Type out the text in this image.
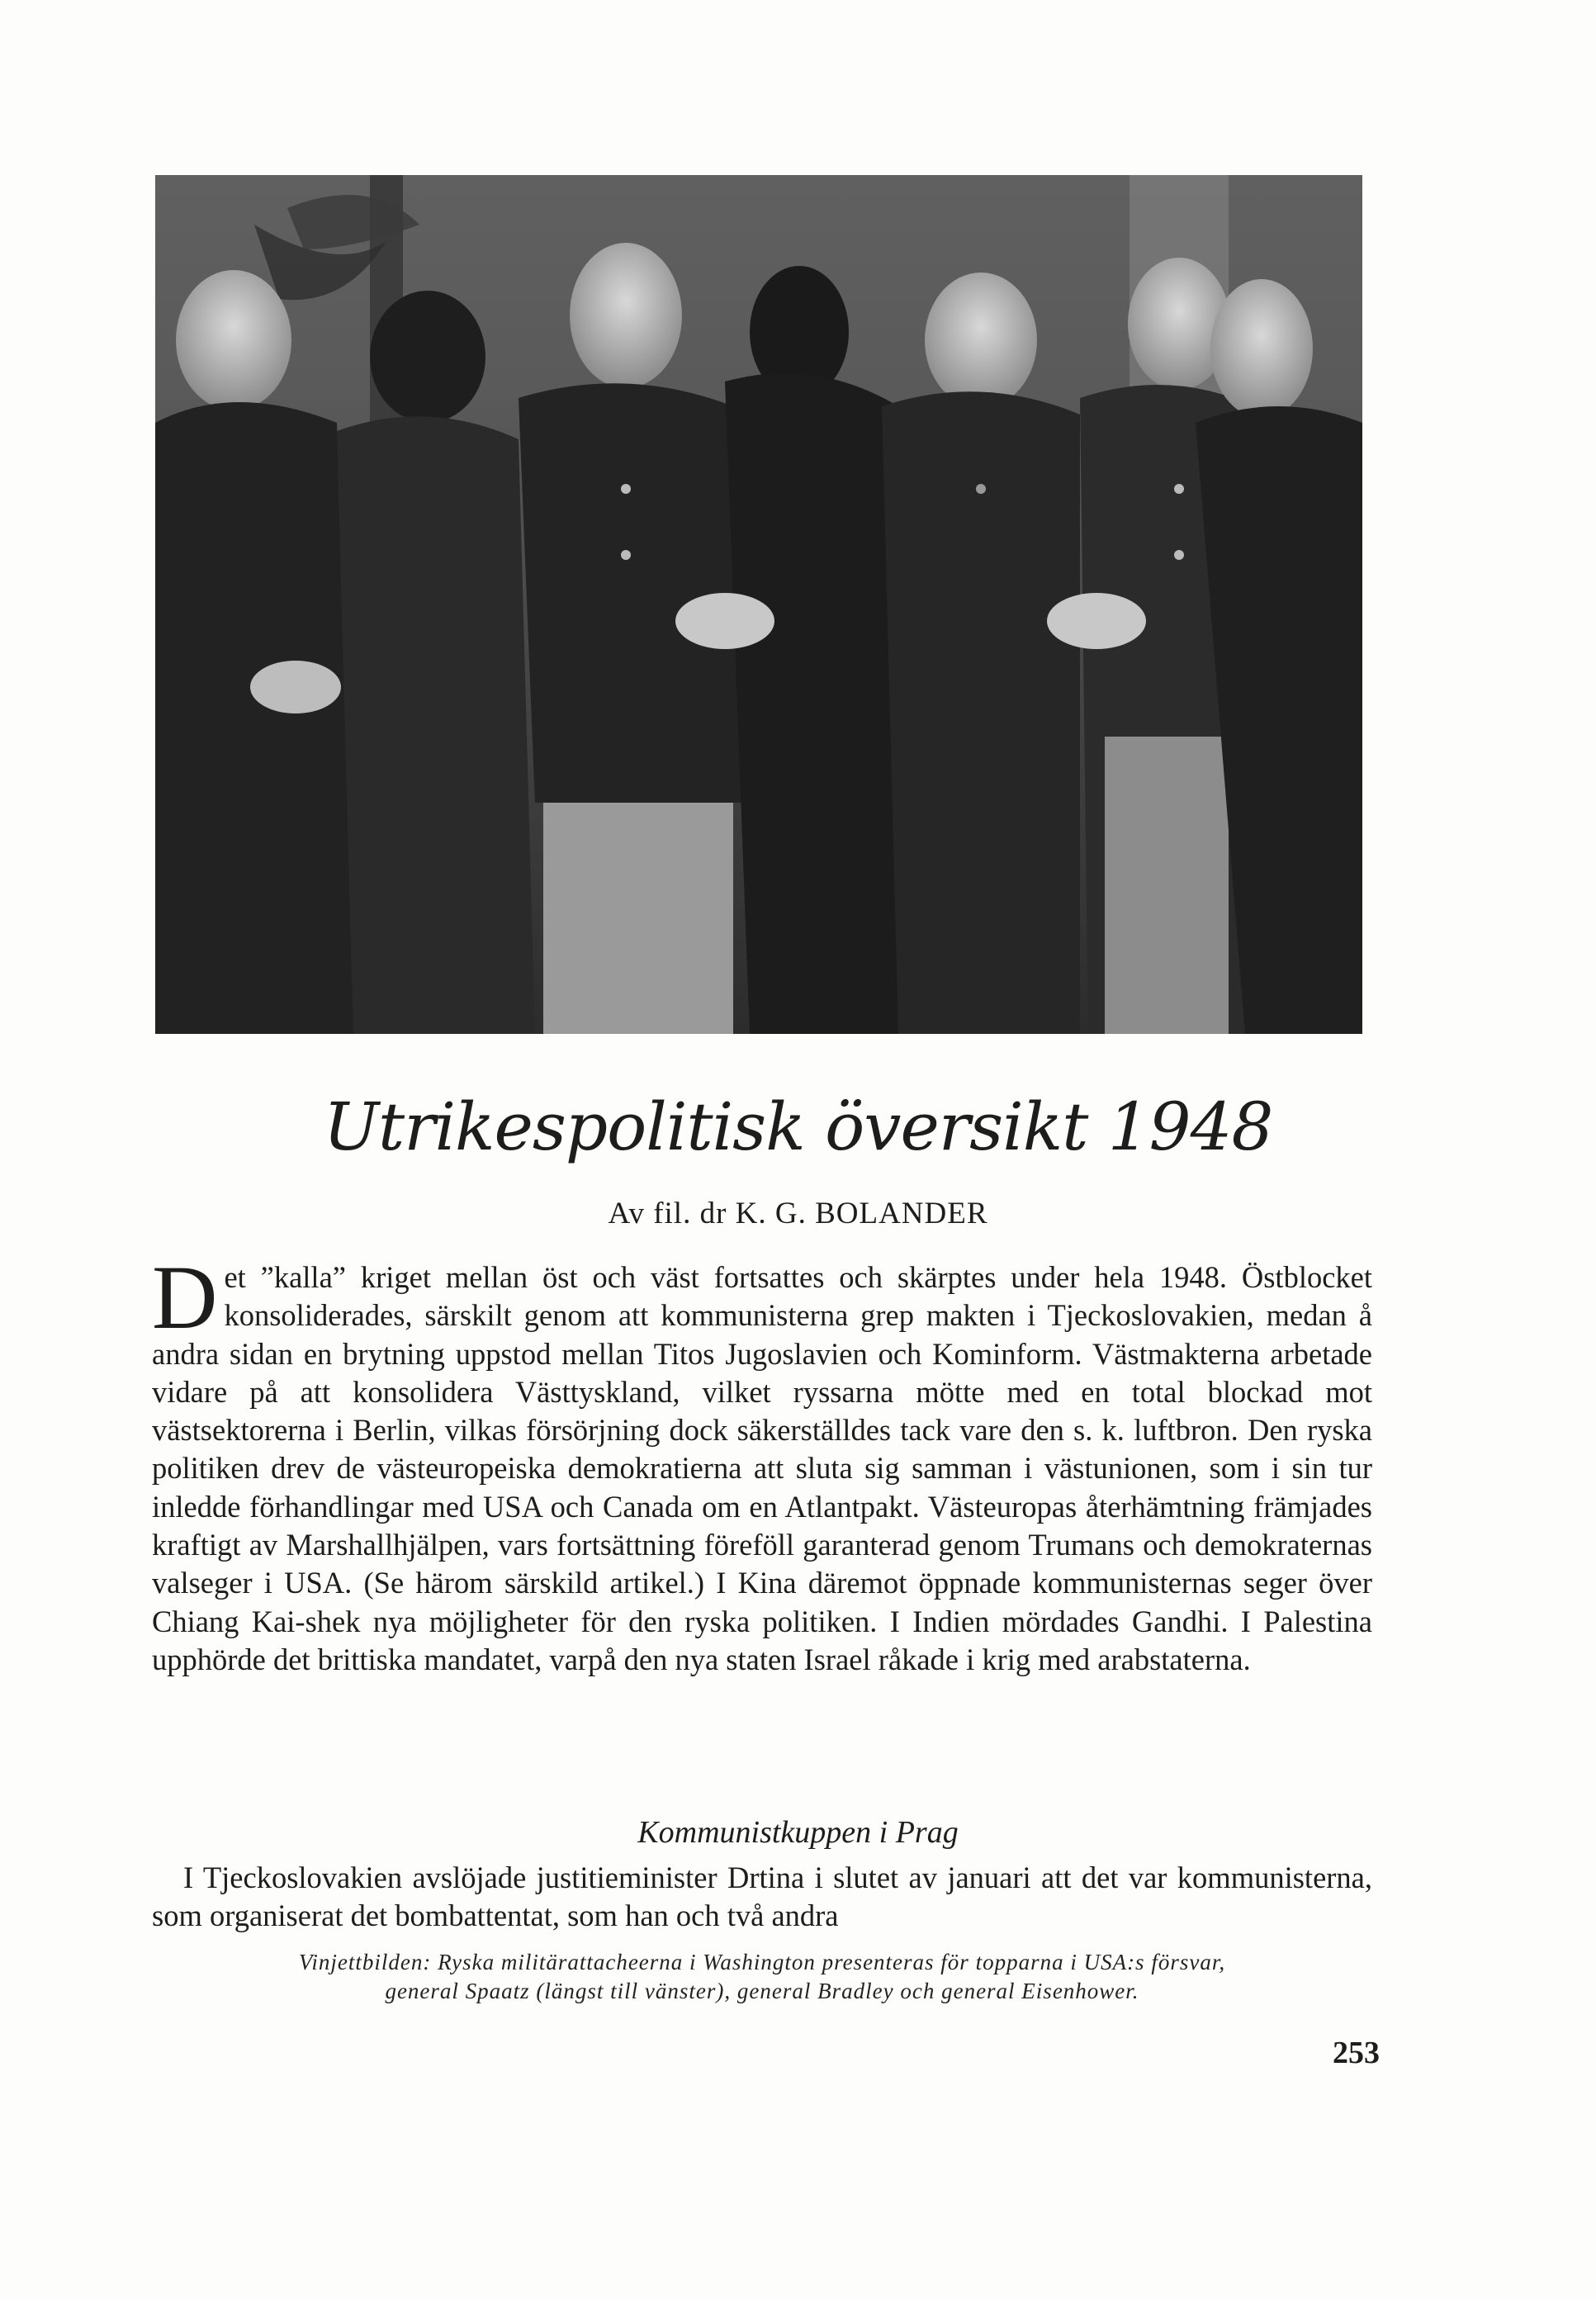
Utrikespolitisk översikt 1948
Av fil. dr K. G. BOLANDER
Det ”kalla” kriget mellan öst och väst fortsattes och skärptes under hela 1948. Östblocket konsoliderades, särskilt genom att kommunisterna grep makten i Tjeckoslovakien, medan å andra sidan en brytning uppstod mellan Titos Jugoslavien och Kominform. Västmakterna arbetade vidare på att konsolidera Västtyskland, vilket ryssarna mötte med en total blockad mot västsektorerna i Berlin, vilkas försörjning dock säkerställdes tack vare den s. k. luftbron. Den ryska politiken drev de västeuropeiska demokratierna att sluta sig samman i västunionen, som i sin tur inledde förhandlingar med USA och Canada om en Atlantpakt. Västeuropas återhämtning främjades kraftigt av Marshallhjälpen, vars fortsättning föreföll garanterad genom Trumans och demokraternas valseger i USA. (Se härom särskild artikel.) I Kina däremot öppnade kommunisternas seger över Chiang Kai-shek nya möjligheter för den ryska politiken. I Indien mördades Gandhi. I Palestina upphörde det brittiska mandatet, varpå den nya staten Israel råkade i krig med arabstaterna.
Kommunistkuppen i Prag
I Tjeckoslovakien avslöjade justitieminister Drtina i slutet av januari att det var kommunisterna, som organiserat det bombattentat, som han och två andra
Vinjettbilden: Ryska militärattacheerna i Washington presenteras för topparna i USA:s försvar,
general Spaatz (längst till vänster), general Bradley och general Eisenhower.
253
